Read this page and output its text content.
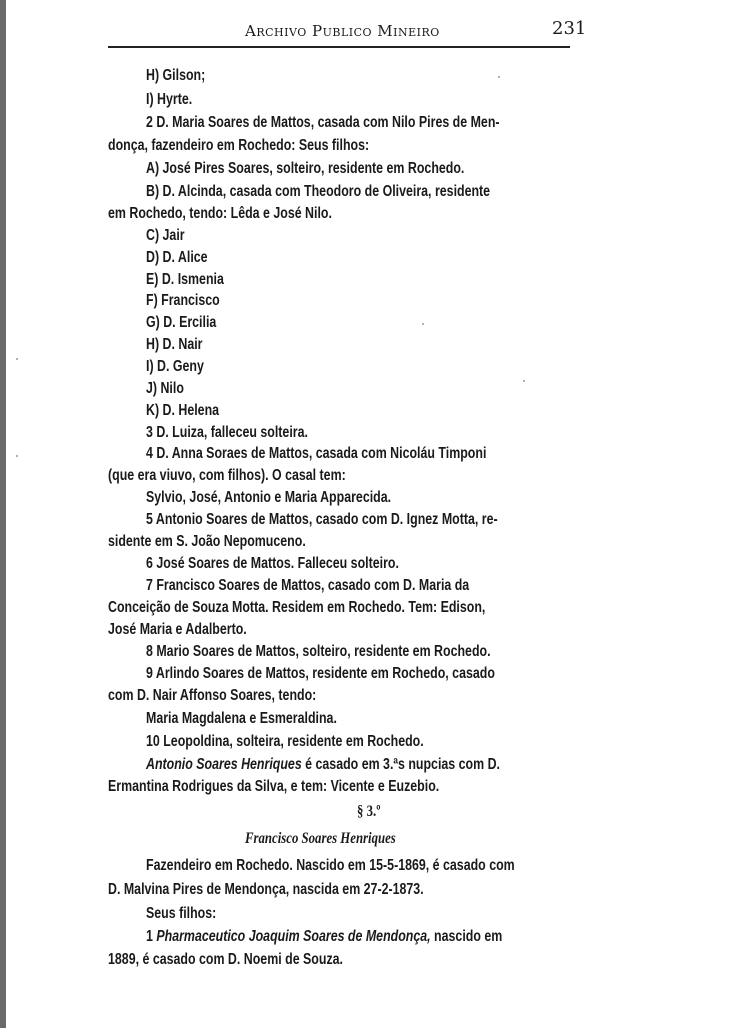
Archivo Publico Mineiro	231
H) Gilson;
I) Hyrte.
2 D. Maria Soares de Mattos, casada com Nilo Pires de Men-
donça, fazendeiro em Rochedo: Seus filhos:
A) José Pires Soares, solteiro, residente em Rochedo.
B) D. Alcinda, casada com Theodoro de Oliveira, residente
em Rochedo, tendo: Lêda e José Nilo.
C) Jair
D) D. Alice
E) D. Ismenia
F) Francisco
G) D. Ercilia
H) D. Nair
I) D. Geny
J) Nilo
K) D. Helena
3 D. Luiza, falleceu solteira.
4 D. Anna Soraes de Mattos, casada com Nicoláu Timponi
(que era viuvo, com filhos). O casal tem:
Sylvio, José, Antonio e Maria Apparecida.
5 Antonio Soares de Mattos, casado com D. Ignez Motta, re-
sidente em S. João Nepomuceno.
6 José Soares de Mattos. Falleceu solteiro.
7 Francisco Soares de Mattos, casado com D. Maria da
Conceição de Souza Motta. Residem em Rochedo. Tem: Edison,
José Maria e Adalberto.
8 Mario Soares de Mattos, solteiro, residente em Rochedo.
9 Arlindo Soares de Mattos, residente em Rochedo, casado
com D. Nair Affonso Soares, tendo:
Maria Magdalena e Esmeraldina.
10 Leopoldina, solteira, residente em Rochedo.
Antonio Soares Henriques é casado em 3.ªs nupcias com D.
Ermantina Rodrigues da Silva, e tem: Vicente e Euzebio.
§ 3.º
Francisco Soares Henriques
Fazendeiro em Rochedo. Nascido em 15-5-1869, é casado com
D. Malvina Pires de Mendonça, nascida em 27-2-1873.
Seus filhos:
1 Pharmaceutico Joaquim Soares de Mendonça, nascido em
1889, é casado com D. Noemi de Souza.
